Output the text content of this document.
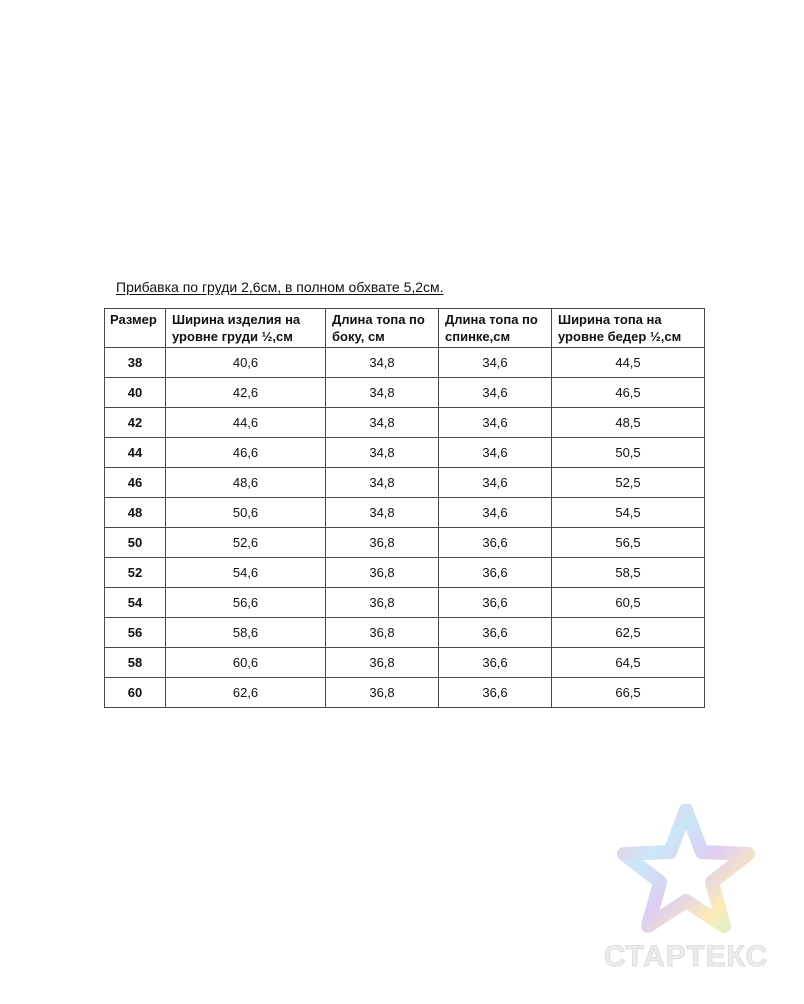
Прибавка по груди 2,6см, в полном обхвате 5,2см.
Размер	Ширина изделия на уровне груди ½,см	Длина топа по боку, см	Длина топа по спинке,см	Ширина топа на уровне бедер ½,см
38	40,6	34,8	34,6	44,5
40	42,6	34,8	34,6	46,5
42	44,6	34,8	34,6	48,5
44	46,6	34,8	34,6	50,5
46	48,6	34,8	34,6	52,5
48	50,6	34,8	34,6	54,5
50	52,6	36,8	36,6	56,5
52	54,6	36,8	36,6	58,5
54	56,6	36,8	36,6	60,5
56	58,6	36,8	36,6	62,5
58	60,6	36,8	36,6	64,5
60	62,6	36,8	36,6	66,5
СТАРТЕКС
